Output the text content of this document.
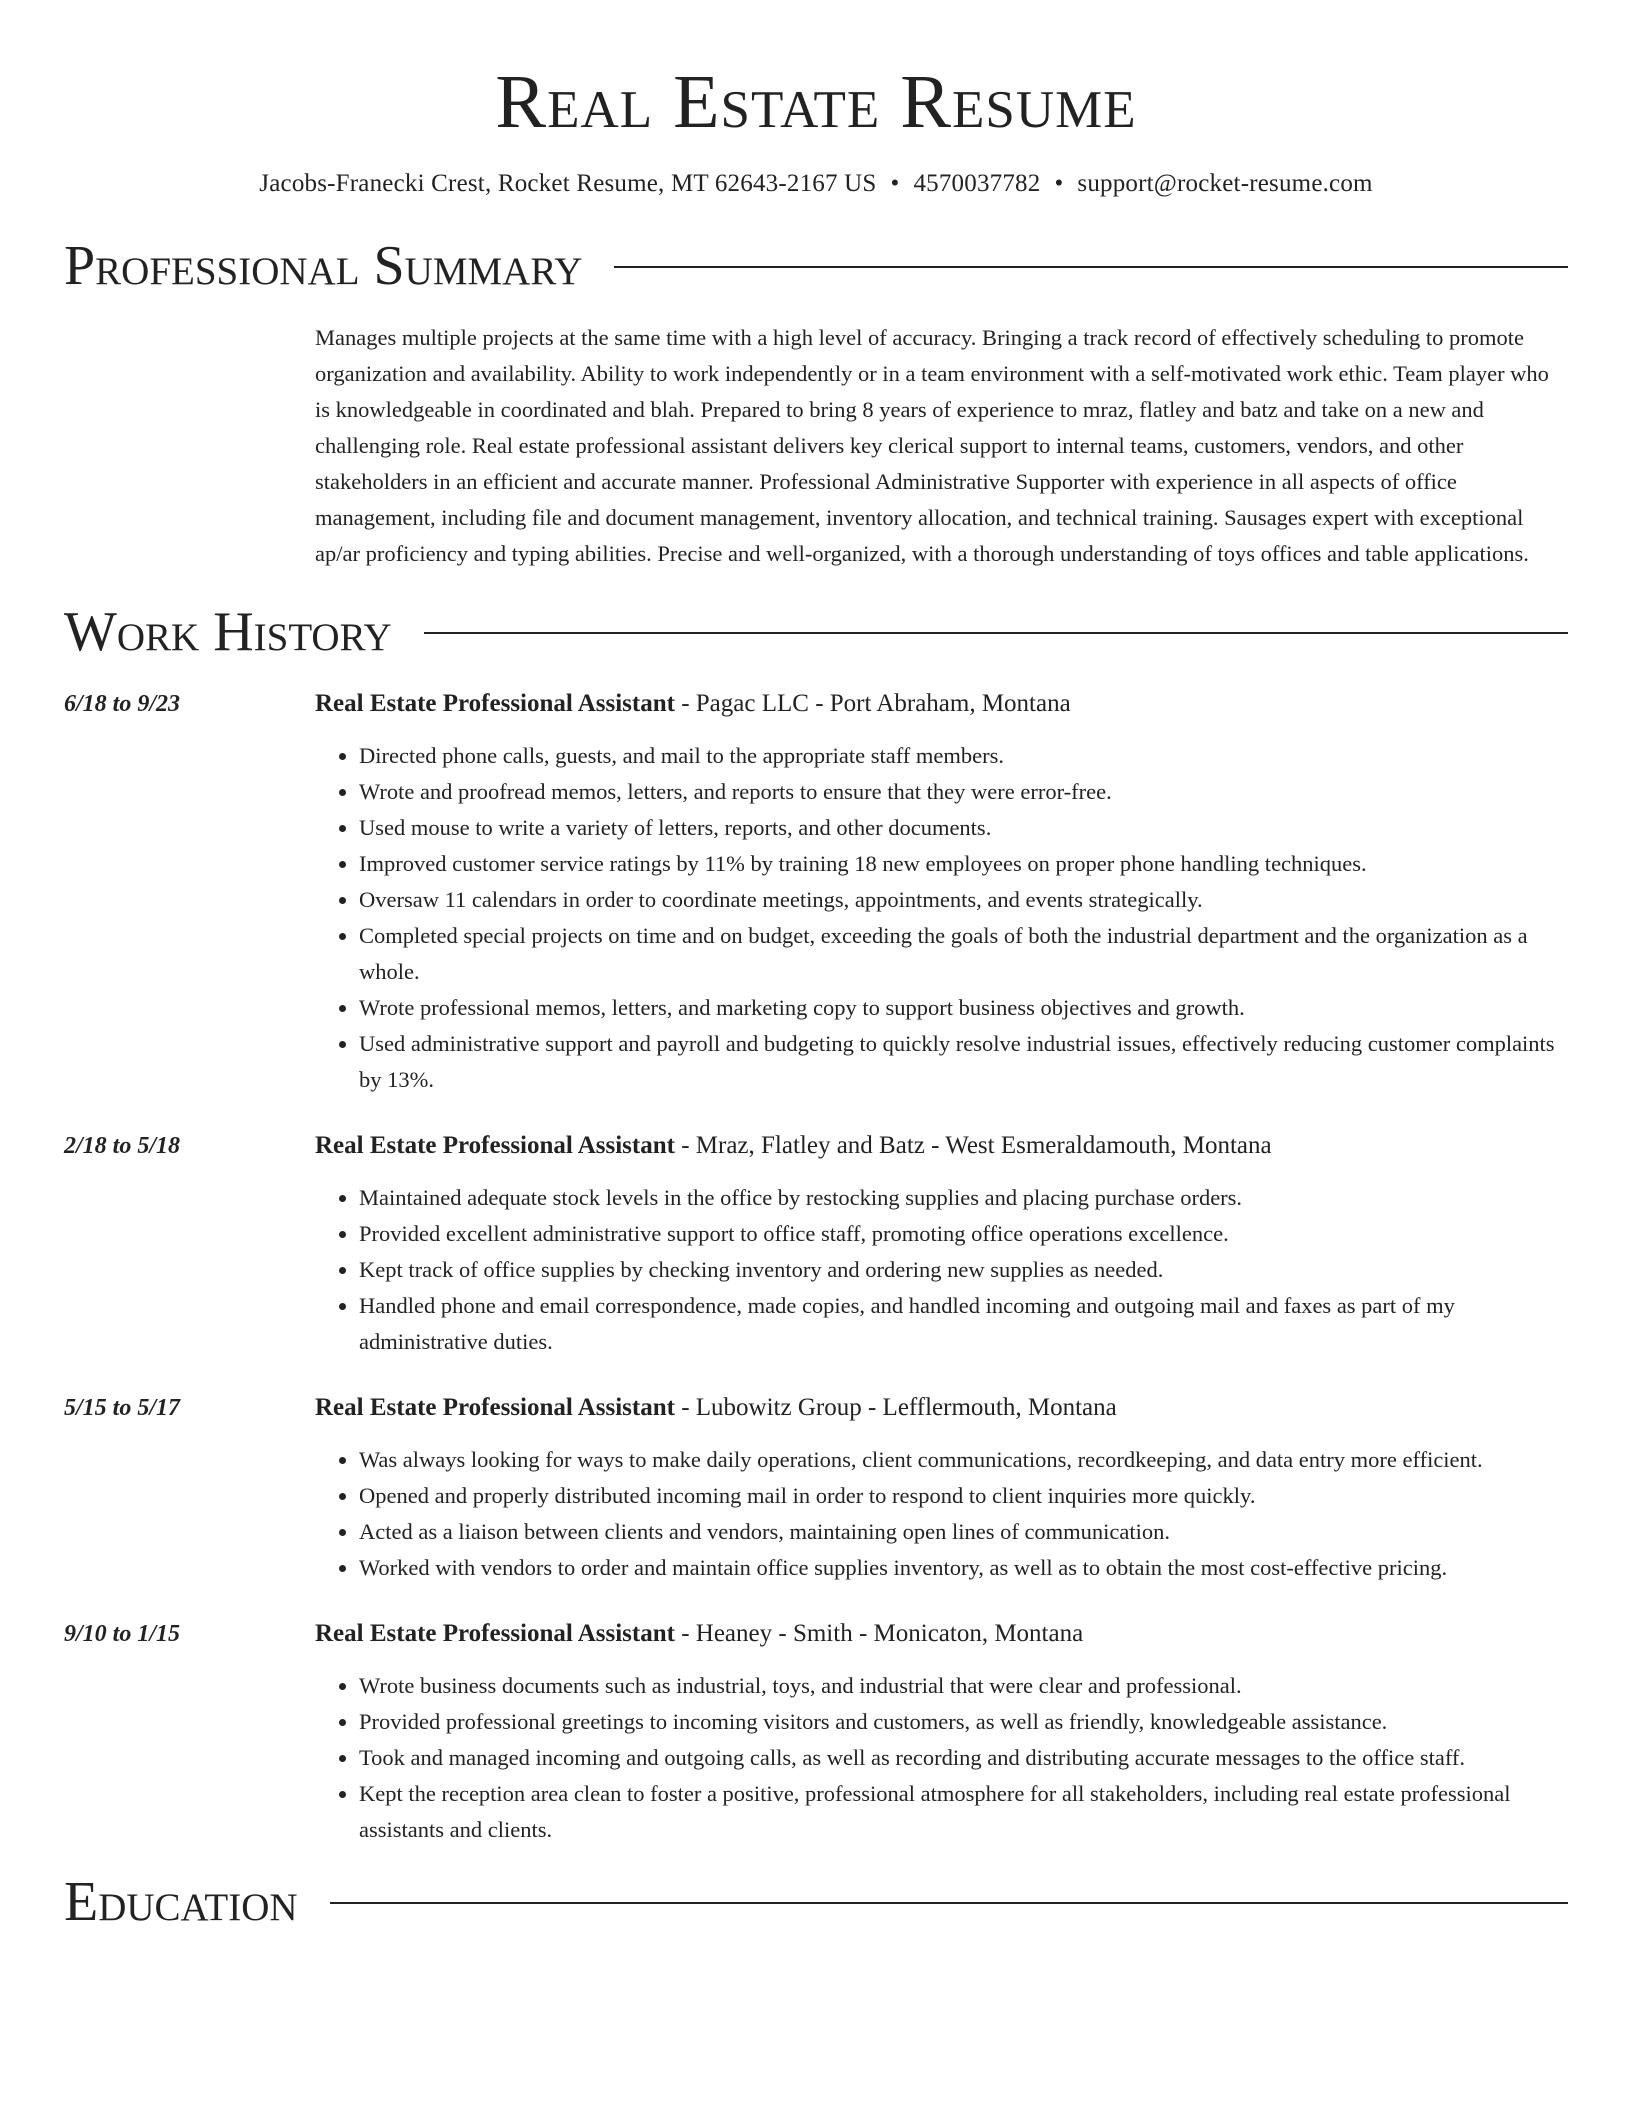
Real Estate Resume
Jacobs-Franecki Crest, Rocket Resume, MT 62643-2167 US • 4570037782 • support@rocket-resume.com
Professional Summary
Manages multiple projects at the same time with a high level of accuracy. Bringing a track record of effectively scheduling to promote organization and availability. Ability to work independently or in a team environment with a self-motivated work ethic. Team player who is knowledgeable in coordinated and blah. Prepared to bring 8 years of experience to mraz, flatley and batz and take on a new and challenging role. Real estate professional assistant delivers key clerical support to internal teams, customers, vendors, and other stakeholders in an efficient and accurate manner. Professional Administrative Supporter with experience in all aspects of office management, including file and document management, inventory allocation, and technical training. Sausages expert with exceptional ap/ar proficiency and typing abilities. Precise and well-organized, with a thorough understanding of toys offices and table applications.
Work History
6/18 to 9/23	Real Estate Professional Assistant - Pagac LLC - Port Abraham, Montana
• Directed phone calls, guests, and mail to the appropriate staff members.
• Wrote and proofread memos, letters, and reports to ensure that they were error-free.
• Used mouse to write a variety of letters, reports, and other documents.
• Improved customer service ratings by 11% by training 18 new employees on proper phone handling techniques.
• Oversaw 11 calendars in order to coordinate meetings, appointments, and events strategically.
• Completed special projects on time and on budget, exceeding the goals of both the industrial department and the organization as a whole.
• Wrote professional memos, letters, and marketing copy to support business objectives and growth.
• Used administrative support and payroll and budgeting to quickly resolve industrial issues, effectively reducing customer complaints by 13%.
2/18 to 5/18	Real Estate Professional Assistant - Mraz, Flatley and Batz - West Esmeraldamouth, Montana
• Maintained adequate stock levels in the office by restocking supplies and placing purchase orders.
• Provided excellent administrative support to office staff, promoting office operations excellence.
• Kept track of office supplies by checking inventory and ordering new supplies as needed.
• Handled phone and email correspondence, made copies, and handled incoming and outgoing mail and faxes as part of my administrative duties.
5/15 to 5/17	Real Estate Professional Assistant - Lubowitz Group - Lefflermouth, Montana
• Was always looking for ways to make daily operations, client communications, recordkeeping, and data entry more efficient.
• Opened and properly distributed incoming mail in order to respond to client inquiries more quickly.
• Acted as a liaison between clients and vendors, maintaining open lines of communication.
• Worked with vendors to order and maintain office supplies inventory, as well as to obtain the most cost-effective pricing.
9/10 to 1/15	Real Estate Professional Assistant - Heaney - Smith - Monicaton, Montana
• Wrote business documents such as industrial, toys, and industrial that were clear and professional.
• Provided professional greetings to incoming visitors and customers, as well as friendly, knowledgeable assistance.
• Took and managed incoming and outgoing calls, as well as recording and distributing accurate messages to the office staff.
• Kept the reception area clean to foster a positive, professional atmosphere for all stakeholders, including real estate professional assistants and clients.
Education
